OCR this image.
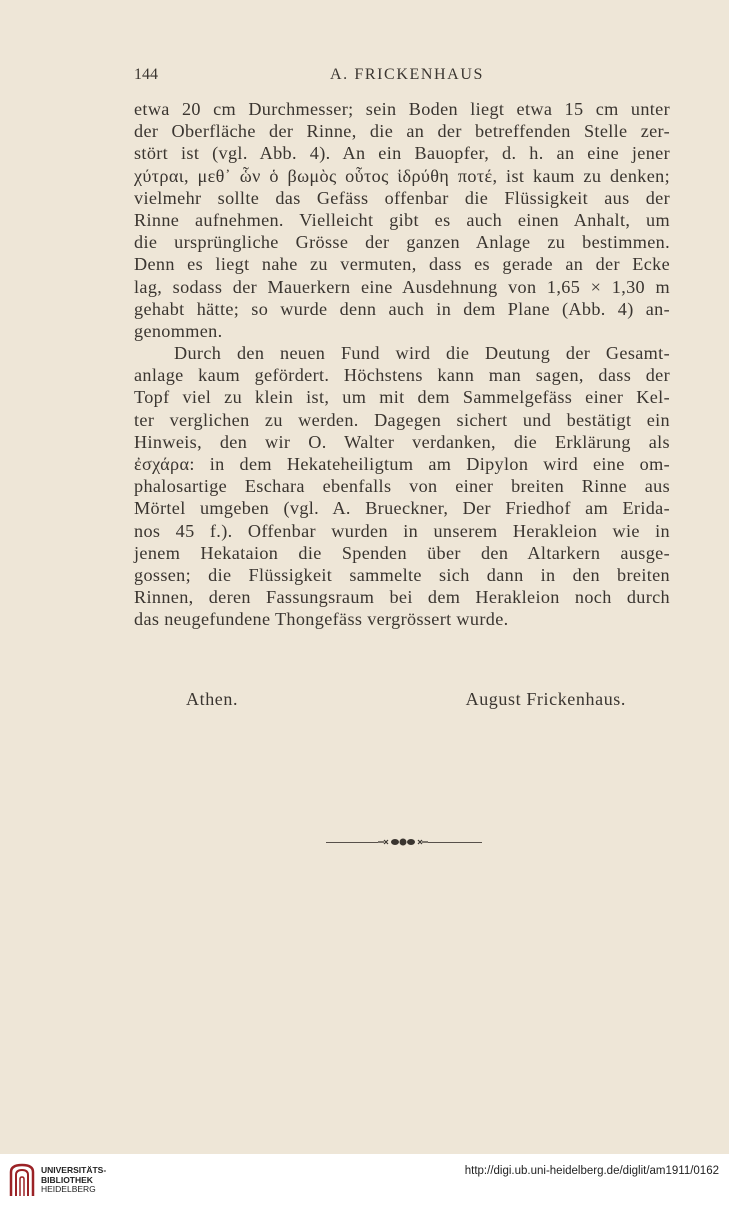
144	A. FRICKENHAUS
etwa 20 cm Durchmesser; sein Boden liegt etwa 15 cm unter
der Oberfläche der Rinne, die an der betreffenden Stelle zer-
stört ist (vgl. Abb. 4). An ein Bauopfer, d. h. an eine jener
χύτραι, μεθ᾽ ὧν ὁ βωμὸς οὗτος ἱδρύθη ποτέ, ist kaum zu denken;
vielmehr sollte das Gefäss offenbar die Flüssigkeit aus der
Rinne aufnehmen. Vielleicht gibt es auch einen Anhalt, um
die ursprüngliche Grösse der ganzen Anlage zu bestimmen.
Denn es liegt nahe zu vermuten, dass es gerade an der Ecke
lag, sodass der Mauerkern eine Ausdehnung von 1,65 × 1,30 m
gehabt hätte; so wurde denn auch in dem Plane (Abb. 4) an-
genommen.
Durch den neuen Fund wird die Deutung der Gesamt-
anlage kaum gefördert. Höchstens kann man sagen, dass der
Topf viel zu klein ist, um mit dem Sammelgefäss einer Kel-
ter verglichen zu werden. Dagegen sichert und bestätigt ein
Hinweis, den wir O. Walter verdanken, die Erklärung als
ἐσχάρα: in dem Hekateheiligtum am Dipylon wird eine om-
phalosartige Eschara ebenfalls von einer breiten Rinne aus
Mörtel umgeben (vgl. A. Brueckner, Der Friedhof am Erida-
nos 45 f.). Offenbar wurden in unserem Herakleion wie in
jenem Hekataion die Spenden über den Altarkern ausge-
gossen; die Flüssigkeit sammelte sich dann in den breiten
Rinnen, deren Fassungsraum bei dem Herakleion noch durch
das neugefundene Thongefäss vergrössert wurde.
Athen.	August Frickenhaus.
UNIVERSITÄTS-
BIBLIOTHEK
HEIDELBERG
http://digi.ub.uni-heidelberg.de/diglit/am1911/0162
